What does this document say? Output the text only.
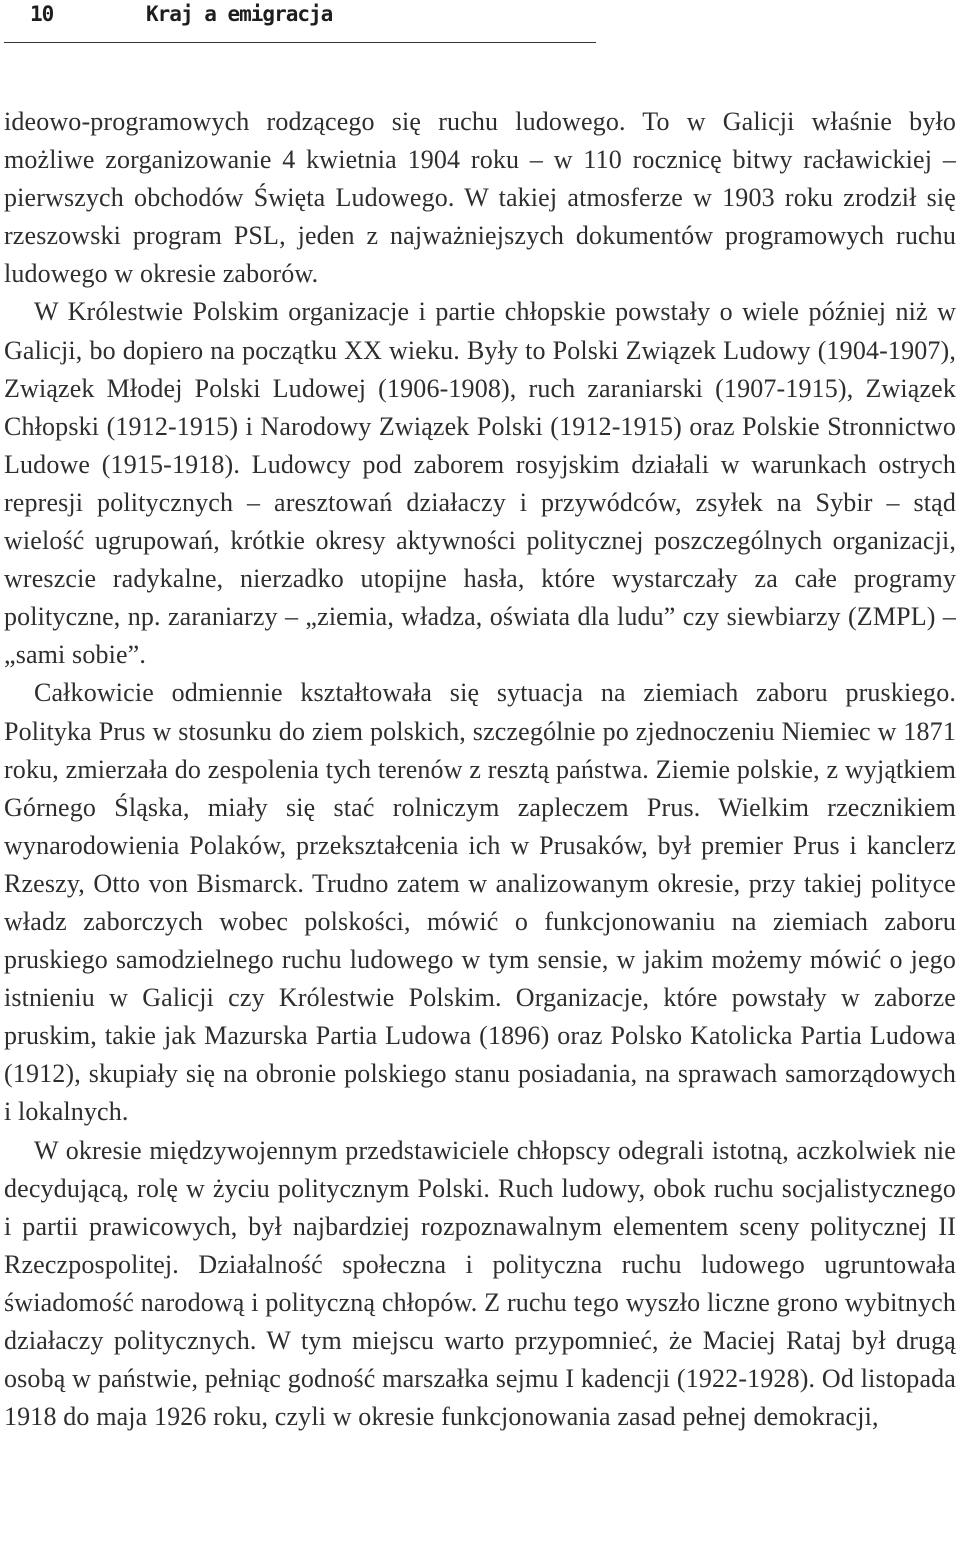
10	Kraj a emigracja

ideowo-programowych rodzącego się ruchu ludowego. To w Galicji właśnie było możliwe zorganizowanie 4 kwietnia 1904 roku – w 110 rocznicę bitwy racławickiej – pierwszych obchodów Święta Ludowego. W takiej atmosferze w 1903 roku zrodził się rzeszowski program PSL, jeden z najważniejszych dokumentów programowych ruchu ludowego w okresie zaborów.

W Królestwie Polskim organizacje i partie chłopskie powstały o wiele później niż w Galicji, bo dopiero na początku XX wieku. Były to Polski Związek Ludowy (1904-1907), Związek Młodej Polski Ludowej (1906-1908), ruch zaraniarski (1907-1915), Związek Chłopski (1912-1915) i Narodowy Związek Polski (1912-1915) oraz Polskie Stronnictwo Ludowe (1915-1918). Ludowcy pod zaborem rosyjskim działali w warunkach ostrych represji politycznych – aresztowań działaczy i przywódców, zsyłek na Sybir – stąd wielość ugrupowań, krótkie okresy aktywności politycznej poszczególnych organizacji, wreszcie radykalne, nierzadko utopijne hasła, które wystarczały za całe programy polityczne, np. zaraniarzy – „ziemia, władza, oświata dla ludu” czy siewbiarzy (ZMPL) – „sami sobie”.

Całkowicie odmiennie kształtowała się sytuacja na ziemiach zaboru pruskiego. Polityka Prus w stosunku do ziem polskich, szczególnie po zjednoczeniu Niemiec w 1871 roku, zmierzała do zespolenia tych terenów z resztą państwa. Ziemie polskie, z wyjątkiem Górnego Śląska, miały się stać rolniczym zapleczem Prus. Wielkim rzecznikiem wynarodowienia Polaków, przekształcenia ich w Prusaków, był premier Prus i kanclerz Rzeszy, Otto von Bismarck. Trudno zatem w analizowanym okresie, przy takiej polityce władz zaborczych wobec polskości, mówić o funkcjonowaniu na ziemiach zaboru pruskiego samodzielnego ruchu ludowego w tym sensie, w jakim możemy mówić o jego istnieniu w Galicji czy Królestwie Polskim. Organizacje, które powstały w zaborze pruskim, takie jak Mazurska Partia Ludowa (1896) oraz Polsko Katolicka Partia Ludowa (1912), skupiały się na obronie polskiego stanu posiadania, na sprawach samorządowych i lokalnych.

W okresie międzywojennym przedstawiciele chłopscy odegrali istotną, aczkolwiek nie decydującą, rolę w życiu politycznym Polski. Ruch ludowy, obok ruchu socjalistycznego i partii prawicowych, był najbardziej rozpoznawalnym elementem sceny politycznej II Rzeczpospolitej. Działalność społeczna i polityczna ruchu ludowego ugruntowała świadomość narodową i polityczną chłopów. Z ruchu tego wyszło liczne grono wybitnych działaczy politycznych. W tym miejscu warto przypomnieć, że Maciej Rataj był drugą osobą w państwie, pełniąc godność marszałka sejmu I kadencji (1922-1928). Od listopada 1918 do maja 1926 roku, czyli w okresie funkcjonowania zasad pełnej demokracji,
